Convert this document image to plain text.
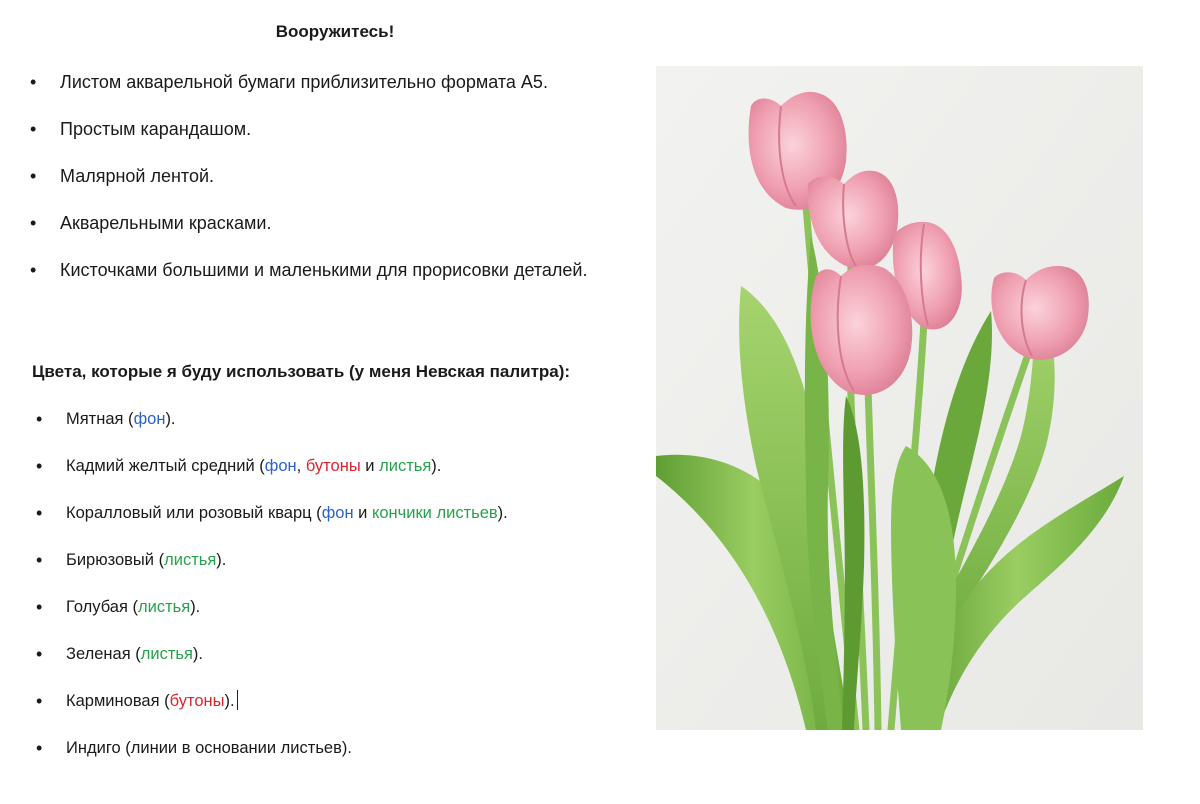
Вооружитесь!
• Листом акварельной бумаги приблизительно формата А5.
• Простым карандашом.
• Малярной лентой.
• Акварельными красками.
• Кисточками большими и маленькими для прорисовки деталей.
Цвета, которые я буду использовать (у меня Невская палитра):
• Мятная (фон).
• Кадмий желтый средний (фон, бутоны и листья).
• Коралловый или розовый кварц (фон и кончики листьев).
• Бирюзовый (листья).
• Голубая (листья).
• Зеленая (листья).
• Карминовая (бутоны).
• Индиго (линии в основании листьев).
